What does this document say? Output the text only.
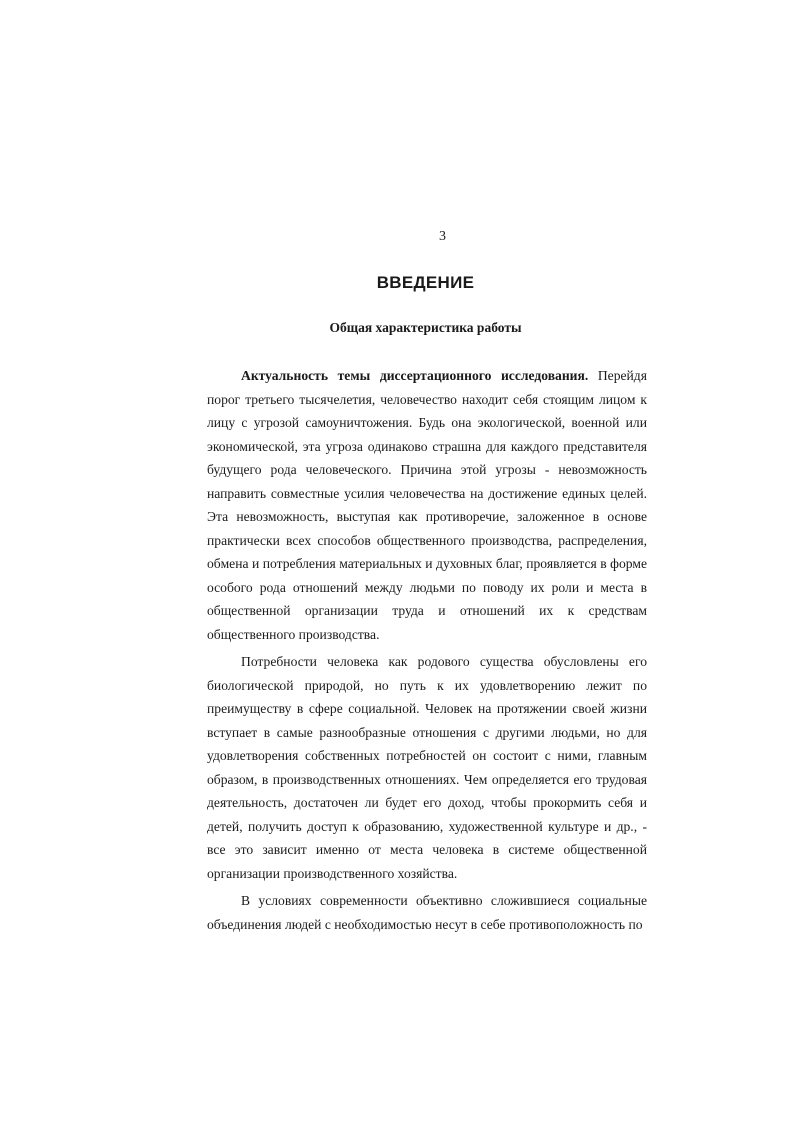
3
ВВЕДЕНИЕ
Общая характеристика работы

Актуальность темы диссертационного исследования. Перейдя порог третьего тысячелетия, человечество находит себя стоящим лицом к лицу с угрозой самоуничтожения. Будь она экологической, военной или экономической, эта угроза одинаково страшна для каждого представителя будущего рода человеческого. Причина этой угрозы - невозможность направить совместные усилия человечества на достижение единых целей. Эта невозможность, выступая как противоречие, заложенное в основе практически всех способов общественного производства, распределения, обмена и потребления материальных и духовных благ, проявляется в форме особого рода отношений между людьми по поводу их роли и места в общественной организации труда и отношений их к средствам общественного производства.

Потребности человека как родового существа обусловлены его биологической природой, но путь к их удовлетворению лежит по преимуществу в сфере социальной. Человек на протяжении своей жизни вступает в самые разнообразные отношения с другими людьми, но для удовлетворения собственных потребностей он состоит с ними, главным образом, в производственных отношениях. Чем определяется его трудовая деятельность, достаточен ли будет его доход, чтобы прокормить себя и детей, получить доступ к образованию, художественной культуре и др., - все это зависит именно от места человека в системе общественной организации производственного хозяйства.

В условиях современности объективно сложившиеся социальные объединения людей с необходимостью несут в себе противоположность по
